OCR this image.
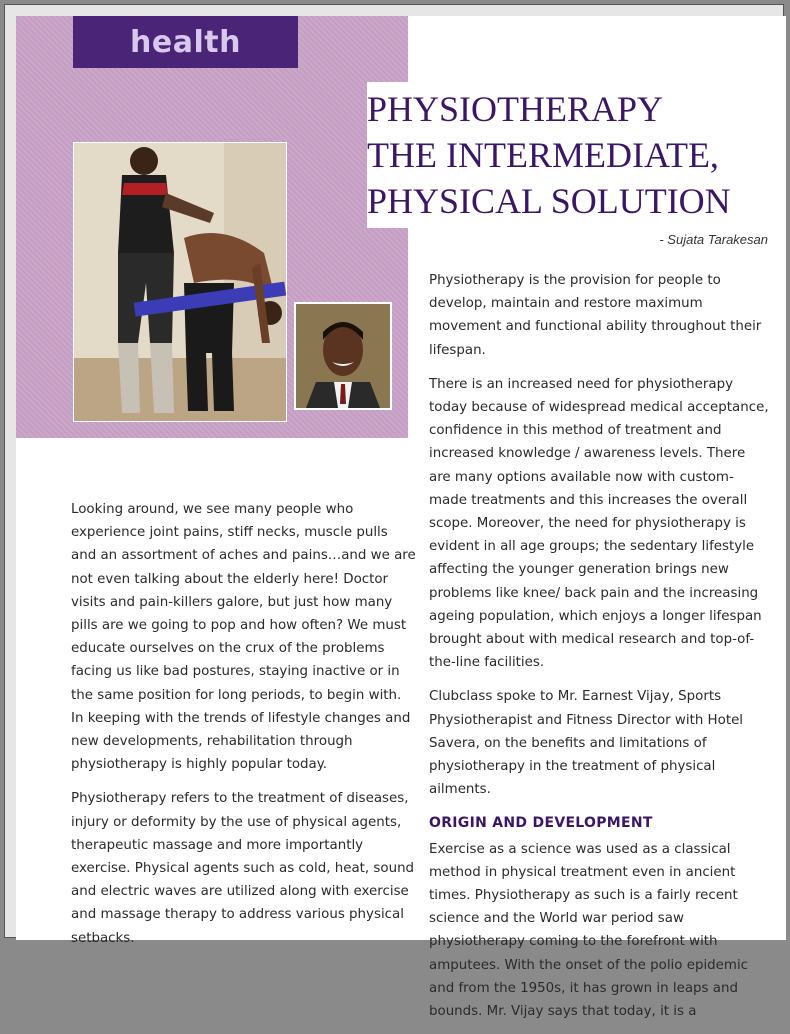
health
PHYSIOTHERAPY
THE INTERMEDIATE,
PHYSICAL SOLUTION
- Sujata Tarakesan

Looking around, we see many people who experience joint pains, stiff necks, muscle pulls and an assortment of aches and pains…and we are not even talking about the elderly here! Doctor visits and pain-killers galore, but just how many pills are we going to pop and how often? We must educate ourselves on the crux of the problems facing us like bad postures, staying inactive or in the same position for long periods, to begin with. In keeping with the trends of lifestyle changes and new developments, rehabilitation through physiotherapy is highly popular today.

Physiotherapy refers to the treatment of diseases, injury or deformity by the use of physical agents, therapeutic massage and more importantly exercise. Physical agents such as cold, heat, sound and electric waves are utilized along with exercise and massage therapy to address various physical setbacks.

Physiotherapy is the provision for people to develop, maintain and restore maximum movement and functional ability throughout their lifespan.

There is an increased need for physiotherapy today because of widespread medical acceptance, confidence in this method of treatment and increased knowledge / awareness levels. There are many options available now with custom-made treatments and this increases the overall scope. Moreover, the need for physiotherapy is evident in all age groups; the sedentary lifestyle affecting the younger generation brings new problems like knee/ back pain and the increasing ageing population, which enjoys a longer lifespan brought about with medical research and top-of-the-line facilities.

Clubclass spoke to Mr. Earnest Vijay, Sports Physiotherapist and Fitness Director with Hotel Savera, on the benefits and limitations of physiotherapy in the treatment of physical ailments.

ORIGIN AND DEVELOPMENT

Exercise as a science was used as a classical method in physical treatment even in ancient times. Physiotherapy as such is a fairly recent science and the World war period saw physiotherapy coming to the forefront with amputees. With the onset of the polio epidemic and from the 1950s, it has grown in leaps and bounds. Mr. Vijay says that today, it is a
